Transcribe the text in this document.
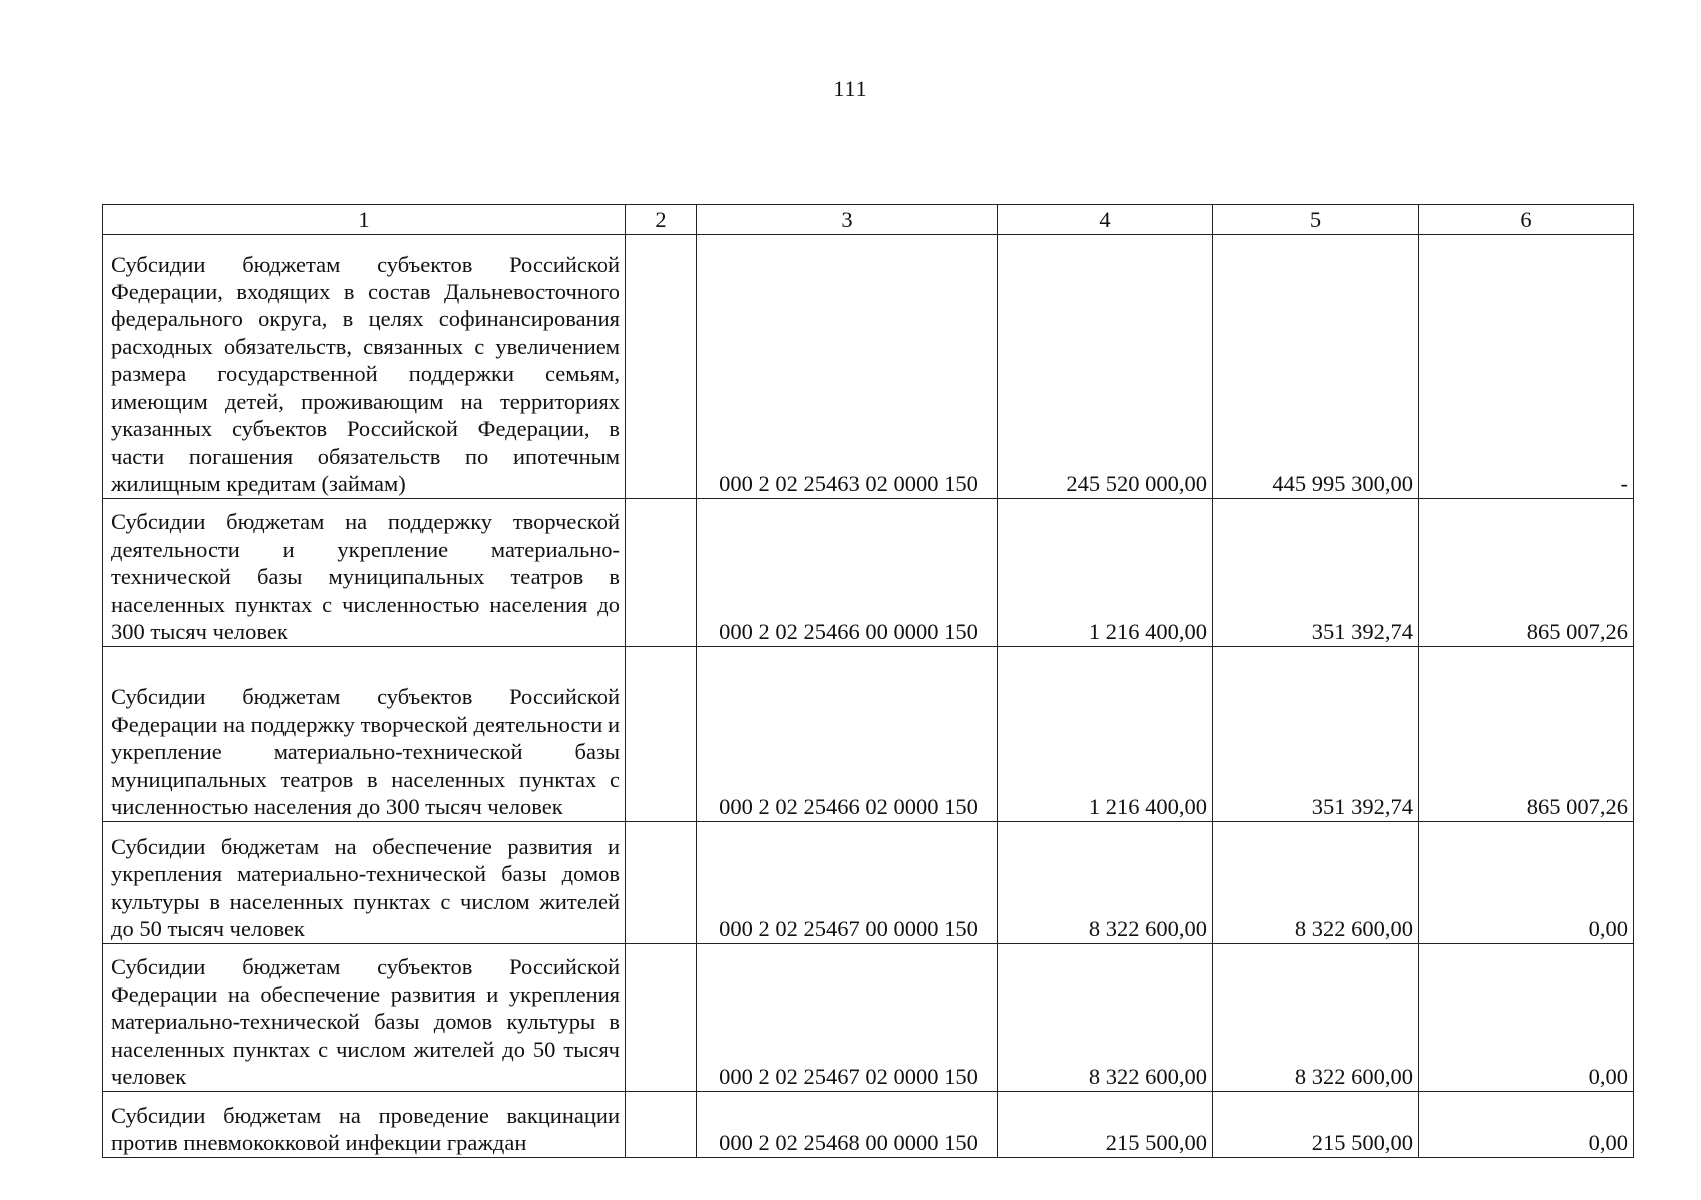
111
1	2	3	4	5	6
Субсидии бюджетам субъектов Российской Федерации, входящих в состав Дальневосточного федерального округа, в целях софинансирования расходных обязательств, связанных с увеличением размера государственной поддержки семьям, имеющим детей, проживающим на территориях указанных субъектов Российской Федерации, в части погашения обязательств по ипотечным жилищным кредитам (займам)		000 2 02 25463 02 0000 150	245 520 000,00	445 995 300,00	-
Субсидии бюджетам на поддержку творческой деятельности и укрепление материально-технической базы муниципальных театров в населенных пунктах с численностью населения до 300 тысяч человек		000 2 02 25466 00 0000 150	1 216 400,00	351 392,74	865 007,26
Субсидии бюджетам субъектов Российской Федерации на поддержку творческой деятельности и укрепление материально-технической базы муниципальных театров в населенных пунктах с численностью населения до 300 тысяч человек		000 2 02 25466 02 0000 150	1 216 400,00	351 392,74	865 007,26
Субсидии бюджетам на обеспечение развития и укрепления материально-технической базы домов культуры в населенных пунктах с числом жителей до 50 тысяч человек		000 2 02 25467 00 0000 150	8 322 600,00	8 322 600,00	0,00
Субсидии бюджетам субъектов Российской Федерации на обеспечение развития и укрепления материально-технической базы домов культуры в населенных пунктах с числом жителей до 50 тысяч человек		000 2 02 25467 02 0000 150	8 322 600,00	8 322 600,00	0,00
Субсидии бюджетам на проведение вакцинации против пневмококковой инфекции граждан		000 2 02 25468 00 0000 150	215 500,00	215 500,00	0,00
